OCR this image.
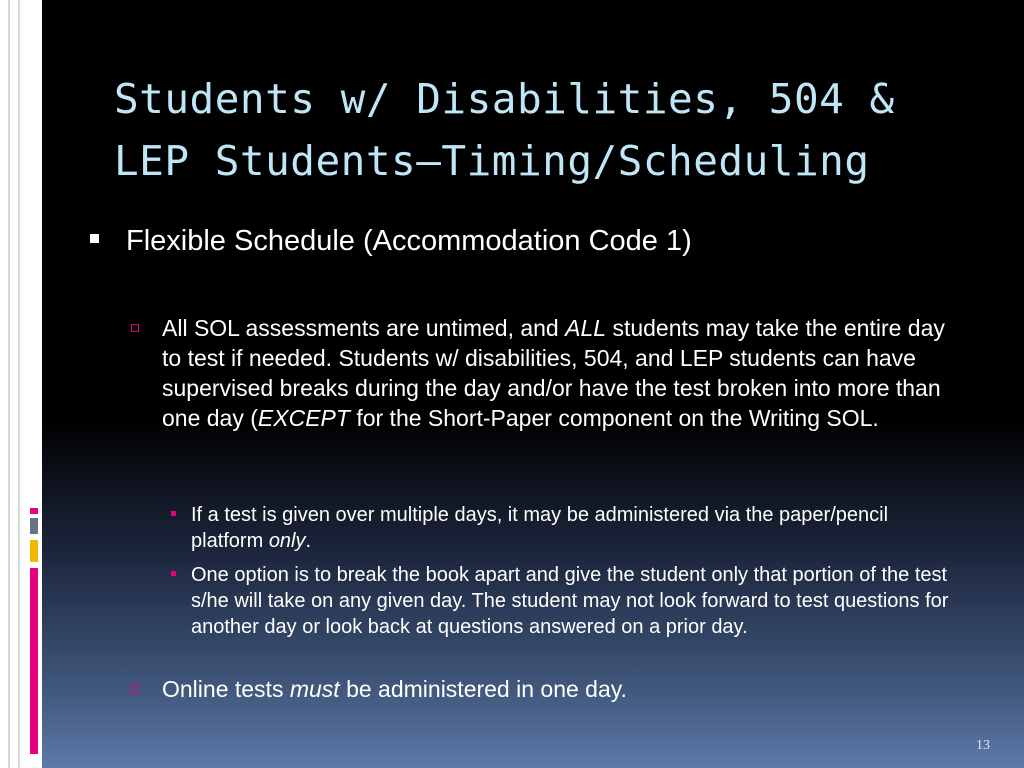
Students w/ Disabilities, 504 &
LEP Students—Timing/Scheduling
Flexible Schedule (Accommodation Code 1)
All SOL assessments are untimed, and ALL students may take the entire day to test if needed. Students w/ disabilities, 504, and LEP students can have supervised breaks during the day and/or have the test broken into more than one day (EXCEPT for the Short-Paper component on the Writing SOL.
If a test is given over multiple days, it may be administered via the paper/pencil platform only.
One option is to break the book apart and give the student only that portion of the test s/he will take on any given day. The student may not look forward to test questions for another day or look back at questions answered on a prior day.
Online tests must be administered in one day.
13
